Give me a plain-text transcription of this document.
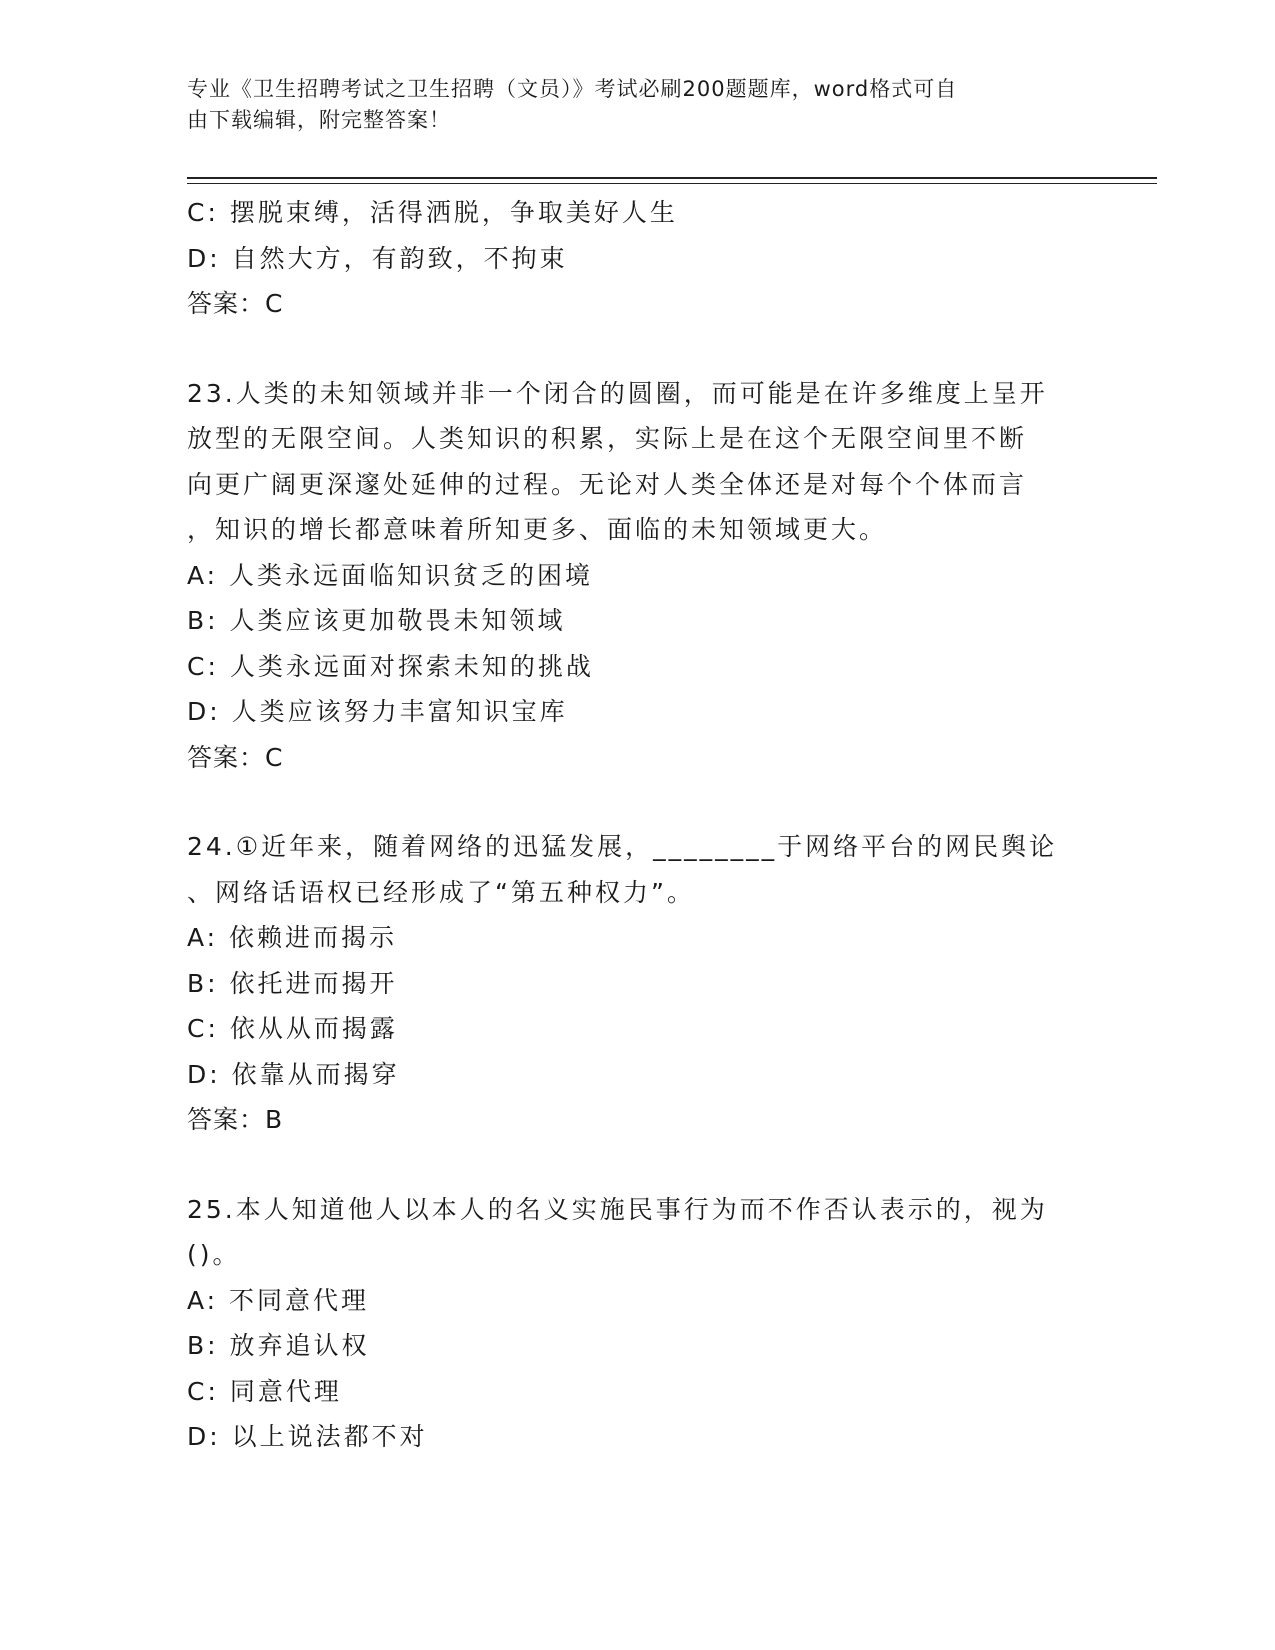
专业《卫生招聘考试之卫生招聘（文员）》考试必刷200题题库，word格式可自
由下载编辑，附完整答案！
C: 摆脱束缚，活得洒脱，争取美好人生
D: 自然大方，有韵致，不拘束
答案：C
23.人类的未知领域并非一个闭合的圆圈，而可能是在许多维度上呈开
放型的无限空间。人类知识的积累，实际上是在这个无限空间里不断
向更广阔更深邃处延伸的过程。无论对人类全体还是对每个个体而言
，知识的增长都意味着所知更多、面临的未知领域更大。
A: 人类永远面临知识贫乏的困境
B: 人类应该更加敬畏未知领域
C: 人类永远面对探索未知的挑战
D: 人类应该努力丰富知识宝库
答案：C
24.①近年来，随着网络的迅猛发展，________于网络平台的网民舆论
、网络话语权已经形成了“第五种权力”。
A: 依赖进而揭示
B: 依托进而揭开
C: 依从从而揭露
D: 依靠从而揭穿
答案：B
25.本人知道他人以本人的名义实施民事行为而不作否认表示的，视为
()。
A: 不同意代理
B: 放弃追认权
C: 同意代理
D: 以上说法都不对
